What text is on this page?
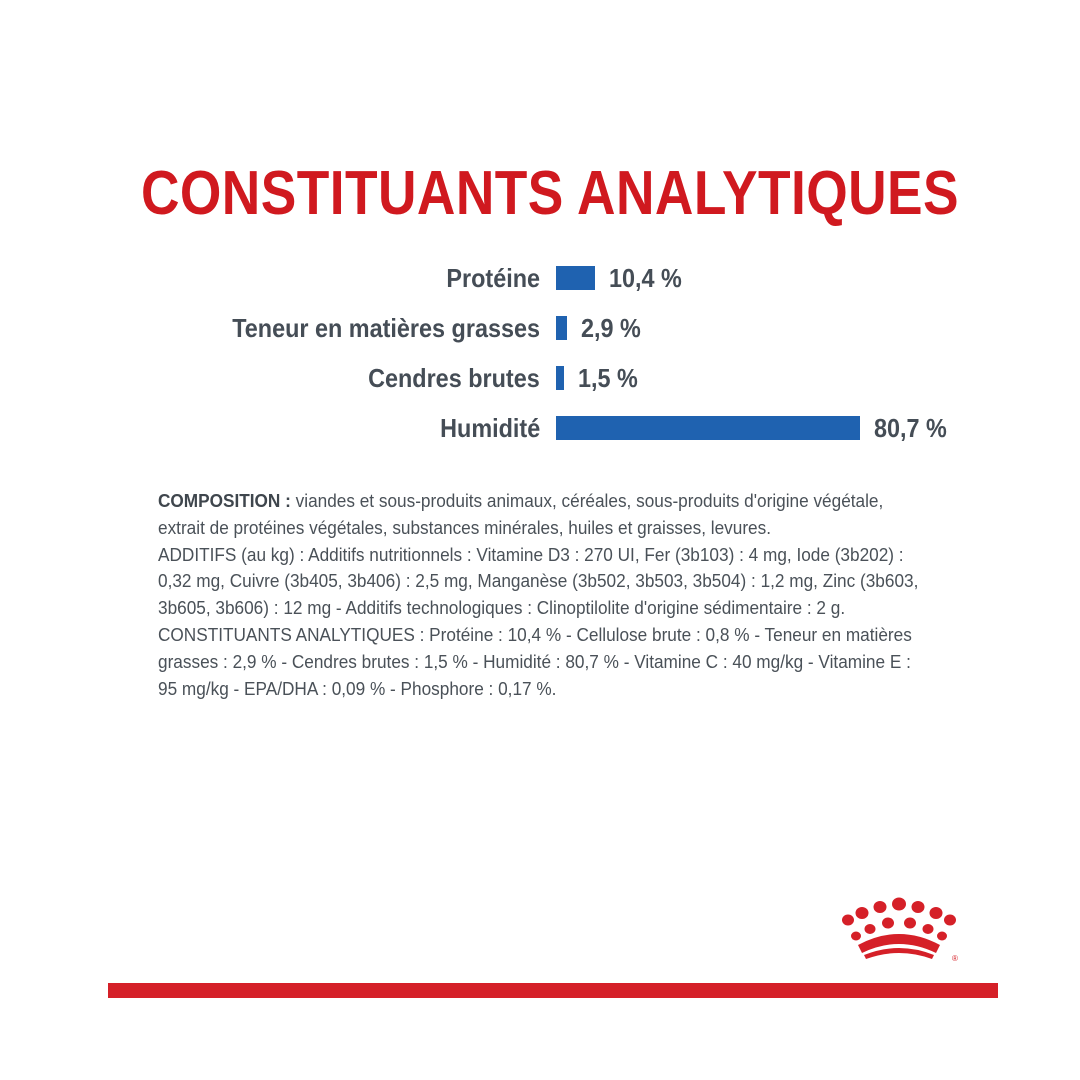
CONSTITUANTS ANALYTIQUES
Protéine	10,4 %
Teneur en matières grasses 2,9 %
Cendres brutes 1,5 %
Humidité	80,7 %

COMPOSITION : viandes et sous-produits animaux, céréales, sous-produits d'origine végétale, extrait de protéines végétales, substances minérales, huiles et graisses, levures.

ADDITIFS (au kg) : Additifs nutritionnels : Vitamine D3 : 270 UI, Fer (3b103) : 4 mg, Iode (3b202) : 0,32 mg, Cuivre (3b405, 3b406) : 2,5 mg, Manganèse (3b502, 3b503, 3b504) : 1,2 mg, Zinc (3b603, 3b605, 3b606) : 12 mg - Additifs technologiques : Clinoptilolite d'origine sédimentaire : 2 g.

CONSTITUANTS ANALYTIQUES : Protéine : 10,4 % - Cellulose brute : 0,8 % - Teneur en matières grasses : 2,9 % - Cendres brutes : 1,5 % - Humidité : 80,7 % - Vitamine C : 40 mg/kg - Vitamine E : 95 mg/kg - EPA/DHA : 0,09 % - Phosphore : 0,17 %.

®
